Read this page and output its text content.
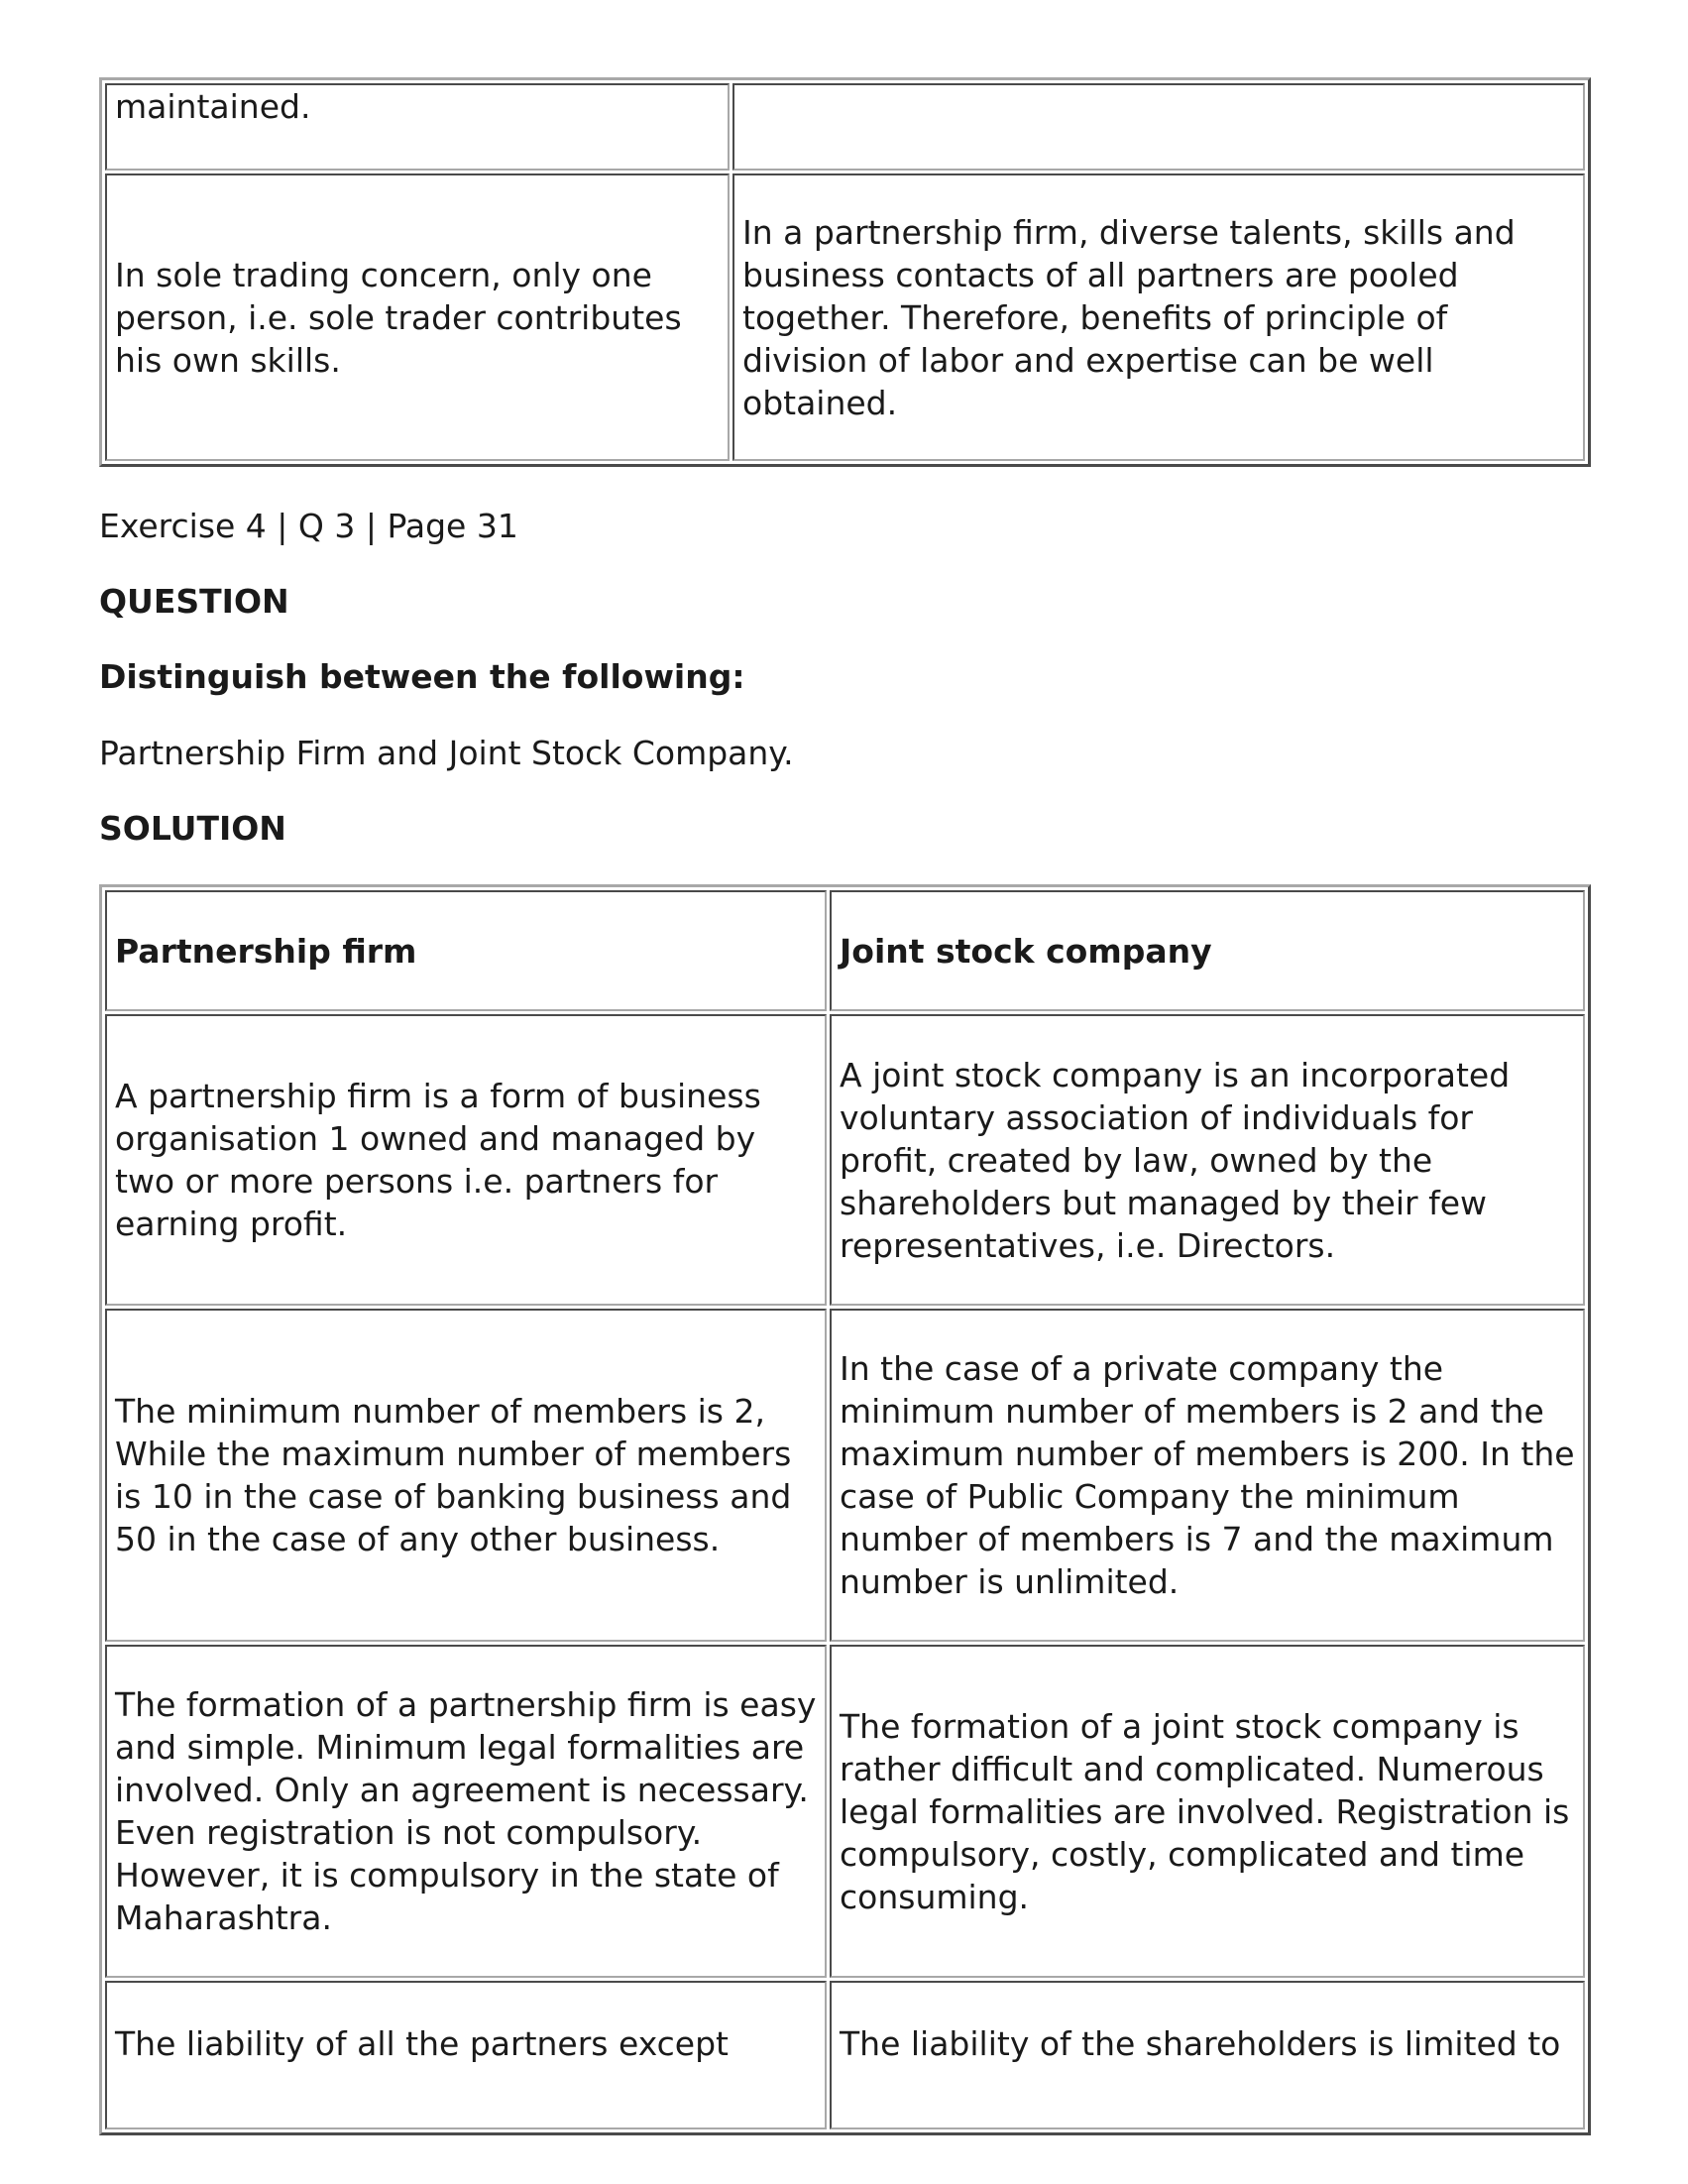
maintained.	
In sole trading concern, only one person, i.e. sole trader contributes his own skills.	In a partnership firm, diverse talents, skills and business contacts of all partners are pooled together. Therefore, benefits of principle of division of labor and expertise can be well obtained.

Exercise 4 | Q 3 | Page 31

QUESTION

Distinguish between the following:

Partnership Firm and Joint Stock Company.

SOLUTION

Partnership firm	Joint stock company
A partnership firm is a form of business organisation 1 owned and managed by two or more persons i.e. partners for earning profit.	A joint stock company is an incorporated voluntary association of individuals for profit, created by law, owned by the shareholders but managed by their few representatives, i.e. Directors.
The minimum number of members is 2, While the maximum number of members is 10 in the case of banking business and 50 in the case of any other business.	In the case of a private company the minimum number of members is 2 and the maximum number of members is 200. In the case of Public Company the minimum number of members is 7 and the maximum number is unlimited.
The formation of a partnership firm is easy and simple. Minimum legal formalities are involved. Only an agreement is necessary. Even registration is not compulsory. However, it is compulsory in the state of Maharashtra.	The formation of a joint stock company is rather difficult and complicated. Numerous legal formalities are involved. Registration is compulsory, costly, complicated and time consuming.
The liability of all the partners except	The liability of the shareholders is limited to
